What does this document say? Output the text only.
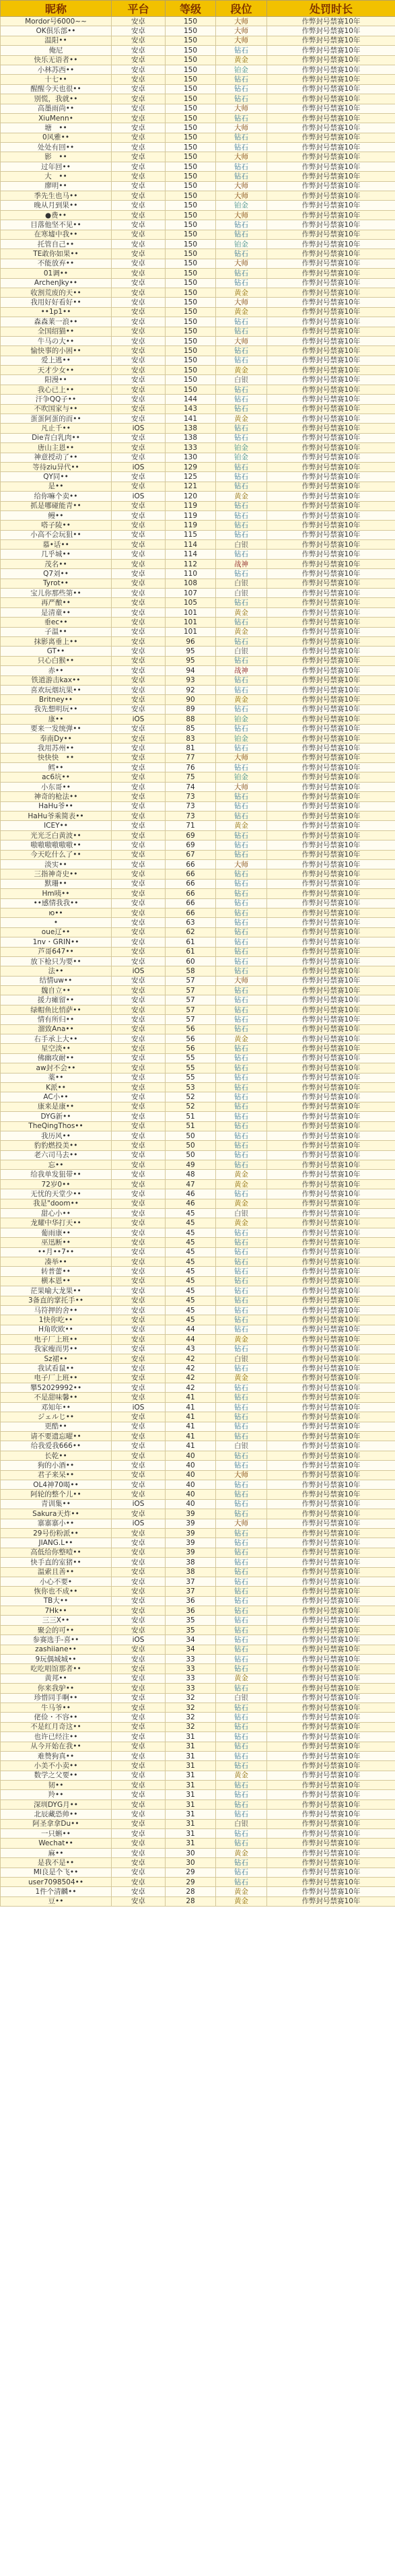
昵称	平台	等级	段位	处罚时长
Mordor号6000~~	安卓	150	大师	作弊封号禁赛10年
OK俱乐部••	安卓	150	大师	作弊封号禁赛10年
温阳••	安卓	150	大师	作弊封号禁赛10年
俺尼	安卓	150	钻石	作弊封号禁赛10年
快乐无语者••	安卓	150	黄金	作弊封号禁赛10年
小林苏西••	安卓	150	铂金	作弊封号禁赛10年
十七••	安卓	150	钻石	作弊封号禁赛10年
醒醒今天也很••	安卓	150	钻石	作弊封号禁赛10年
别慌，我就••	安卓	150	钻石	作弊封号禁赛10年
高墨雨尚••	安卓	150	大师	作弊封号禁赛10年
XiuMenn•	安卓	150	钻石	作弊封号禁赛10年
塘　••	安卓	150	大师	作弊封号禁赛10年
0风雅••	安卓	150	钻石	作弊封号禁赛10年
处处有回••	安卓	150	钻石	作弊封号禁赛10年
影　••	安卓	150	大师	作弊封号禁赛10年
过年回••	安卓	150	钻石	作弊封号禁赛10年
大　••	安卓	150	钻石	作弊封号禁赛10年
廖明••	安卓	150	大师	作弊封号禁赛10年
季先生也马••	安卓	150	大师	作弊封号禁赛10年
晚从月到果••	安卓	150	铂金	作弊封号禁赛10年
●费••	安卓	150	大师	作弊封号禁赛10年
目落他坚不见••	安卓	150	钻石	作弊封号禁赛10年
在寒墟中我••	安卓	150	钻石	作弊封号禁赛10年
托管自己••	安卓	150	铂金	作弊封号禁赛10年
TE敢你如果••	安卓	150	钻石	作弊封号禁赛10年
不能放弃••	安卓	150	大师	作弊封号禁赛10年
01调••	安卓	150	钻石	作弊封号禁赛10年
ArchenJky••	安卓	150	钻石	作弊封号禁赛10年
收割荒废的天••	安卓	150	黄金	作弊封号禁赛10年
我用好好看好••	安卓	150	大师	作弊封号禁赛10年
••1p1••	安卓	150	黄金	作弊封号禁赛10年
森森莱一浪••	安卓	150	钻石	作弊封号禁赛10年
全国绍猫••	安卓	150	钻石	作弊封号禁赛10年
牛马の大••	安卓	150	大师	作弊封号禁赛10年
愉快事的小困••	安卓	150	钻石	作弊封号禁赛10年
爱上逃••	安卓	150	钻石	作弊封号禁赛10年
天才少女••	安卓	150	黄金	作弊封号禁赛10年
阳漫••	安卓	150	白银	作弊封号禁赛10年
我心已上••	安卓	150	钻石	作弊封号禁赛10年
汗争QQ子••	安卓	144	钻石	作弊封号禁赛10年
不吹国家与••	安卓	143	钻石	作弊封号禁赛10年
蛋蛋阿蛋的而••	安卓	141	黄金	作弊封号禁赛10年
凡止千••	iOS	138	钻石	作弊封号禁赛10年
Die青白乳肉••	安卓	138	钻石	作弊封号禁赛10年
唐山主恩••	安卓	133	铂金	作弊封号禁赛10年
神意授动了••	安卓	130	铂金	作弊封号禁赛10年
等待ziu异代••	iOS	129	钻石	作弊封号禁赛10年
QY同••	安卓	125	钻石	作弊封号禁赛10年
是••	安卓	121	钻石	作弊封号禁赛10年
给你嘛个卖••	iOS	120	黄金	作弊封号禁赛10年
抓是哪碰能青••	安卓	119	钻石	作弊封号禁赛10年
鳗••	安卓	119	钻石	作弊封号禁赛10年
嗒子陵••	安卓	119	钻石	作弊封号禁赛10年
小高不会玩狙••	安卓	115	钻石	作弊封号禁赛10年
慕•话••	安卓	114	白银	作弊封号禁赛10年
几乎城••	安卓	114	钻石	作弊封号禁赛10年
茂名••	安卓	112	战神	作弊封号禁赛10年
Q7刘••	安卓	110	钻石	作弊封号禁赛10年
Tyrot••	安卓	108	白银	作弊封号禁赛10年
宝儿你那些第••	安卓	107	白银	作弊封号禁赛10年
再严酿••	安卓	105	钻石	作弊封号禁赛10年
是清童••	安卓	101	黄金	作弊封号禁赛10年
垂ec••	安卓	101	钻石	作弊封号禁赛10年
子温••	安卓	101	黄金	作弊封号禁赛10年
抹影离垂上••	安卓	96	钻石	作弊封号禁赛10年
GT••	安卓	95	白银	作弊封号禁赛10年
只心白猴••	安卓	95	钻石	作弊封号禁赛10年
赤••	安卓	94	战神	作弊封号禁赛10年
铁道游击kax••	安卓	93	钻石	作弊封号禁赛10年
喜欢玩烟坑果••	安卓	92	钻石	作弊封号禁赛10年
Britney••	安卓	90	黄金	作弊封号禁赛10年
我先想明玩••	安卓	89	钻石	作弊封号禁赛10年
康••	iOS	88	铂金	作弊封号禁赛10年
要来一发统弹••	安卓	85	钻石	作弊封号禁赛10年
奉南Dy••	安卓	83	铂金	作弊封号禁赛10年
我用苏州••	安卓	81	钻石	作弊封号禁赛10年
快快快　••	安卓	77	大师	作弊封号禁赛10年
鳕••	安卓	76	钻石	作弊封号禁赛10年
ac6坑••	安卓	75	铂金	作弊封号禁赛10年
小东哥••	安卓	74	大师	作弊封号禁赛10年
神奇的枪法••	安卓	73	钻石	作弊封号禁赛10年
HaHu爷••	安卓	73	钻石	作弊封号禁赛10年
HaHu爷乘简表••	安卓	73	钻石	作弊封号禁赛10年
ICEY••	安卓	71	黄金	作弊封号禁赛10年
光光乏白黄波••	安卓	69	钻石	作弊封号禁赛10年
嗷嗷嗷嗷嗷嗷••	安卓	69	钻石	作弊封号禁赛10年
今天吃什么了••	安卓	67	钻石	作弊封号禁赛10年
淡实••	安卓	66	大师	作弊封号禁赛10年
三指神奇史••	安卓	66	钻石	作弊封号禁赛10年
默珊••	安卓	66	钻石	作弊封号禁赛10年
Hm咦••	安卓	66	钻石	作弊封号禁赛10年
••感情我我••	安卓	66	钻石	作弊封号禁赛10年
ю••	安卓	66	钻石	作弊封号禁赛10年
•	安卓	63	钻石	作弊封号禁赛10年
oue辽••	安卓	62	钻石	作弊封号禁赛10年
1nv・GRIN••	安卓	61	钻石	作弊封号禁赛10年
芦哥647••	安卓	61	钻石	作弊封号禁赛10年
放下枪只为要••	安卓	60	钻石	作弊封号禁赛10年
法••	iOS	58	钻石	作弊封号禁赛10年
结情uw••	安卓	57	大师	作弊封号禁赛10年
魏自立••	安卓	57	钻石	作弊封号禁赛10年
援力瘫留••	安卓	57	钻石	作弊封号禁赛10年
绿帽鱼比悄萨••	安卓	57	钻石	作弊封号禁赛10年
情有所归••	安卓	57	钻石	作弊封号禁赛10年
溜致Ana••	安卓	56	钻石	作弊封号禁赛10年
右手承上大••	安卓	56	黄金	作弊封号禁赛10年
星空淡••	安卓	56	钻石	作弊封号禁赛10年
佛幽攻耐••	安卓	55	钻石	作弊封号禁赛10年
aw封不会••	安卓	55	钻石	作弊封号禁赛10年
薬••	安卓	55	钻石	作弊封号禁赛10年
K派••	安卓	53	钻石	作弊封号禁赛10年
AC小••	安卓	52	钻石	作弊封号禁赛10年
康来是康••	安卓	52	钻石	作弊封号禁赛10年
DYG新••	安卓	51	钻石	作弊封号禁赛10年
TheQingThos••	安卓	51	钻石	作弊封号禁赛10年
我历风••	安卓	50	钻石	作弊封号禁赛10年
豹豹燃投美••	安卓	50	钻石	作弊封号禁赛10年
老六司马去••	安卓	50	钻石	作弊封号禁赛10年
忘••	安卓	49	钻石	作弊封号禁赛10年
给我单发狙带••	安卓	48	黄金	作弊封号禁赛10年
72岁0••	安卓	47	黄金	作弊封号禁赛10年
无忧的天堂少••	安卓	46	钻石	作弊封号禁赛10年
我是"doom••	安卓	46	黄金	作弊封号禁赛10年
甜心小••	安卓	45	白银	作弊封号禁赛10年
龙耀中华打天••	安卓	45	黄金	作弊封号禁赛10年
葡雨康••	安卓	45	钻石	作弊封号禁赛10年
巫迅断••	安卓	45	钻石	作弊封号禁赛10年
••月••7••	安卓	45	钻石	作弊封号禁赛10年
凑举••	安卓	45	钻石	作弊封号禁赛10年
转普蕾••	安卓	45	钻石	作弊封号禁赛10年
横本恩••	安卓	45	钻石	作弊封号禁赛10年
茫果喻大龙果••	安卓	45	钻石	作弊封号禁赛10年
3备直的掌托手••	安卓	45	钻石	作弊封号禁赛10年
马符押的舍••	安卓	45	钻石	作弊封号禁赛10年
1快你吃••	安卓	45	钻石	作弊封号禁赛10年
H角吹欧••	安卓	44	钻石	作弊封号禁赛10年
电子厂上班••	安卓	44	黄金	作弊封号禁赛10年
我家瘦而男••	安卓	43	钻石	作弊封号禁赛10年
Sz裙••	安卓	42	白银	作弊封号禁赛10年
我试看鼠••	安卓	42	钻石	作弊封号禁赛10年
电子厂上班••	安卓	42	黄金	作弊封号禁赛10年
攀52029992••	安卓	42	钻石	作弊封号禁赛10年
不是甜味馨••	安卓	41	钻石	作弊封号禁赛10年
邓知年••	iOS	41	钻石	作弊封号禁赛10年
ジェルじ••	安卓	41	钻石	作弊封号禁赛10年
更酷••	安卓	41	钻石	作弊封号禁赛10年
请不要遗忘曜••	安卓	41	钻石	作弊封号禁赛10年
给我爱我666••	安卓	41	白银	作弊封号禁赛10年
长乾••	安卓	40	钻石	作弊封号禁赛10年
狗的小酒••	安卓	40	钻石	作弊封号禁赛10年
君子来呆••	安卓	40	大师	作弊封号禁赛10年
OL4神70喝••	安卓	40	钻石	作弊封号禁赛10年
阿轮的整个儿••	安卓	40	钻石	作弊封号禁赛10年
青训集••	iOS	40	钻石	作弊封号禁赛10年
Sakura天炸••	安卓	39	钻石	作弊封号禁赛10年
寨寨寨小••	iOS	39	大师	作弊封号禁赛10年
29号份粉派••	安卓	39	钻石	作弊封号禁赛10年
JIANG.L••	安卓	39	钻石	作弊封号禁赛10年
高低给你整噎••	安卓	39	钻石	作弊封号禁赛10年
快手直的室猪••	安卓	38	钻石	作弊封号禁赛10年
温索且善••	安卓	38	钻石	作弊封号禁赛10年
小心不要•	安卓	37	钻石	作弊封号禁赛10年
恢你也不成••	安卓	37	钻石	作弊封号禁赛10年
TB大••	安卓	36	钻石	作弊封号禁赛10年
7Hk••	安卓	36	钻石	作弊封号禁赛10年
三三X••	安卓	35	钻石	作弊封号禁赛10年
聚会的可••	安卓	35	钻石	作弊封号禁赛10年
参赛选手-喜••	iOS	34	钻石	作弊封号禁赛10年
zashiiane••	安卓	34	钻石	作弊封号禁赛10年
9玩偶城城••	安卓	33	钻石	作弊封号禁赛10年
吃吃唱馆那者••	安卓	33	钻石	作弊封号禁赛10年
黄邦••	安卓	33	黄金	作弊封号禁赛10年
你来我驴••	安卓	33	钻石	作弊封号禁赛10年
珍惜同手啊••	安卓	32	白银	作弊封号禁赛10年
牛马爷••	安卓	32	钻石	作弊封号禁赛10年
佬俭・不容••	安卓	32	钻石	作弊封号禁赛10年
不是红月奇这••	安卓	32	钻石	作弊封号禁赛10年
也许已经注••	安卓	31	钻石	作弊封号禁赛10年
从今开始在我••	安卓	31	钻石	作弊封号禁赛10年
难赞狗真••	安卓	31	钻石	作弊封号禁赛10年
小美不小卖••	安卓	31	钻石	作弊封号禁赛10年
数学之父要••	安卓	31	黄金	作弊封号禁赛10年
韧••	安卓	31	钻石	作弊封号禁赛10年
羚••	安卓	31	钻石	作弊封号禁赛10年
深圳DYG月••	安卓	31	钻石	作弊封号禁赛10年
北辰藏恐帅••	安卓	31	钻石	作弊封号禁赛10年
阿圣拿拿Du••	安卓	31	白银	作弊封号禁赛10年
一只蝌••	安卓	31	钻石	作弊封号禁赛10年
Wechat••	安卓	31	钻石	作弊封号禁赛10年
麻••	安卓	30	黄金	作弊封号禁赛10年
是我不是••	安卓	30	钻石	作弊封号禁赛10年
MI良是个飞••	安卓	29	钻石	作弊封号禁赛10年
user7098504••	安卓	29	钻石	作弊封号禁赛10年
1件个清麟••	安卓	28	黄金	作弊封号禁赛10年
豆••	安卓	28	黄金	作弊封号禁赛10年
